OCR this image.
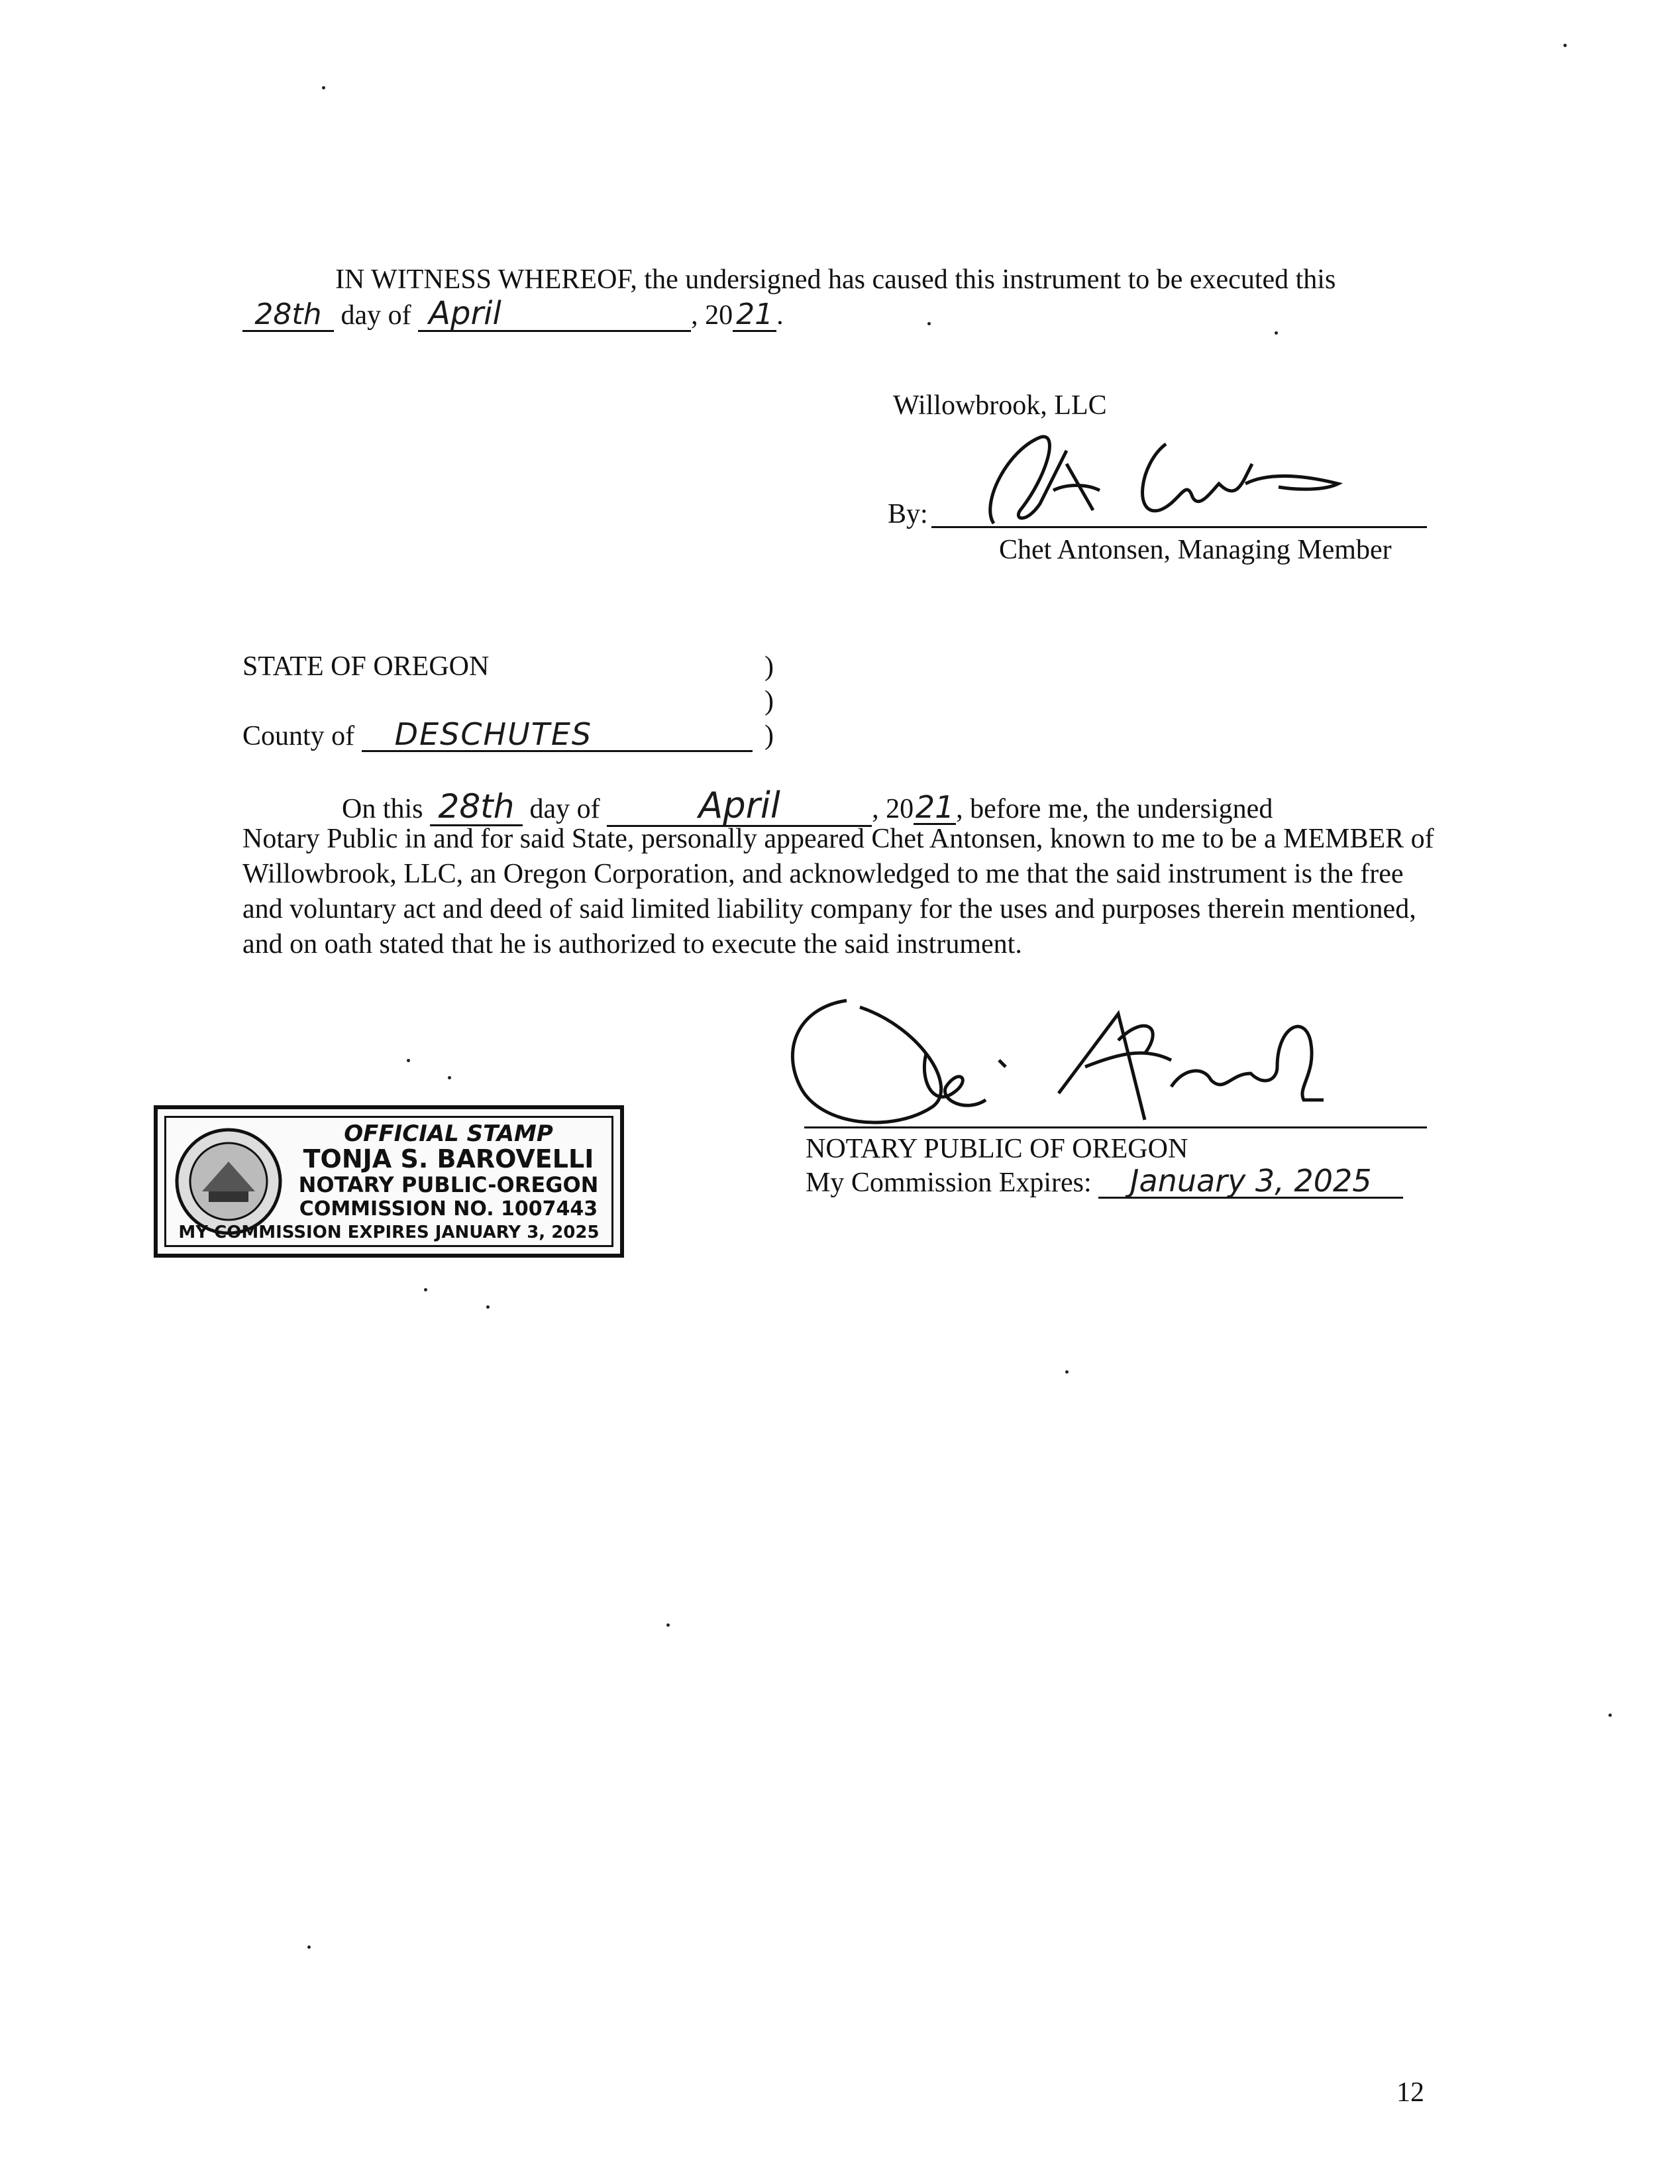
IN WITNESS WHEREOF, the undersigned has caused this instrument to be executed this
28th day of April	, 20 21 .
Willowbrook, LLC
By:
Chet Antonsen, Managing Member
STATE OF OREGON	)
)
County of DESCHUTES	)
On this 28th day of	April	, 2021, before me, the undersigned
Notary Public in and for said State, personally appeared Chet Antonsen, known to me to be a MEMBER of Willowbrook, LLC, an Oregon Corporation, and acknowledged to me that the said instrument is the free and voluntary act and deed of said limited liability company for the uses and purposes therein mentioned, and on oath stated that he is authorized to execute the said instrument.
NOTARY PUBLIC OF OREGON
My Commission Expires: January 3, 2025
OFFICIAL STAMP
TONJA S. BAROVELLI
NOTARY PUBLIC-OREGON
COMMISSION NO. 1007443
MY COMMISSION EXPIRES JANUARY 3, 2025
12
